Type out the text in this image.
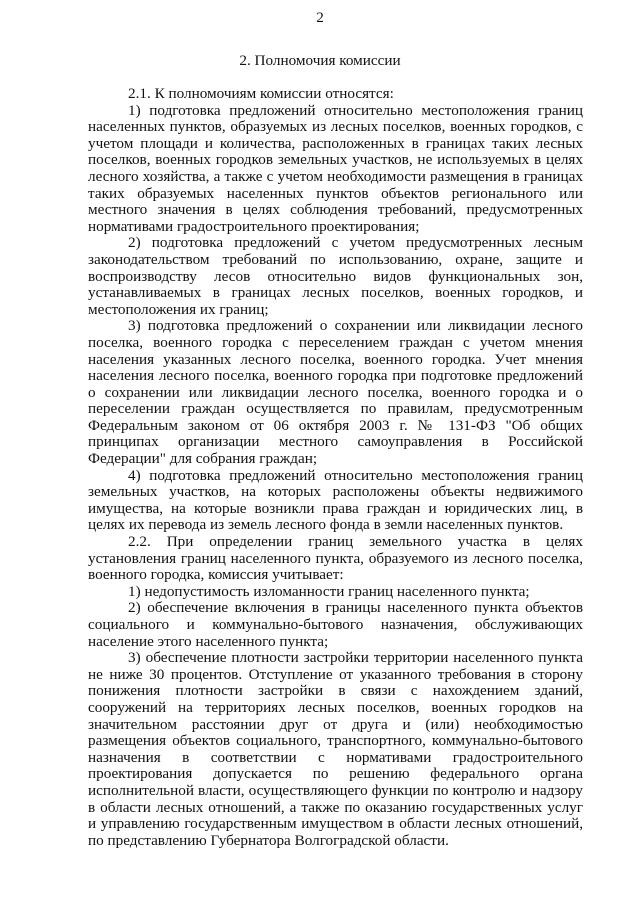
2
2. Полномочия комиссии

2.1. К полномочиям комиссии относятся:

1) подготовка предложений относительно местоположения границ населенных пунктов, образуемых из лесных поселков, военных городков, с учетом площади и количества, расположенных в границах таких лесных поселков, военных городков земельных участков, не используемых в целях лесного хозяйства, а также с учетом необходимости размещения в границах таких образуемых населенных пунктов объектов регионального или местного значения в целях соблюдения требований, предусмотренных нормативами градостроительного проектирования;

2) подготовка предложений с учетом предусмотренных лесным законодательством требований по использованию, охране, защите и воспроизводству лесов относительно видов функциональных зон, устанавливаемых в границах лесных поселков, военных городков, и местоположения их границ;

3) подготовка предложений о сохранении или ликвидации лесного поселка, военного городка с переселением граждан с учетом мнения населения указанных лесного поселка, военного городка. Учет мнения населения лесного поселка, военного городка при подготовке предложений о сохранении или ликвидации лесного поселка, военного городка и о переселении граждан осуществляется по правилам, предусмотренным Федеральным законом от 06 октября 2003 г. № 131-ФЗ "Об общих принципах организации местного самоуправления в Российской Федерации" для собрания граждан;

4) подготовка предложений относительно местоположения границ земельных участков, на которых расположены объекты недвижимого имущества, на которые возникли права граждан и юридических лиц, в целях их перевода из земель лесного фонда в земли населенных пунктов.

2.2. При определении границ земельного участка в целях установления границ населенного пункта, образуемого из лесного поселка, военного городка, комиссия учитывает:

1) недопустимость изломанности границ населенного пункта;

2) обеспечение включения в границы населенного пункта объектов социального и коммунально-бытового назначения, обслуживающих население этого населенного пункта;

3) обеспечение плотности застройки территории населенного пункта не ниже 30 процентов. Отступление от указанного требования в сторону понижения плотности застройки в связи с нахождением зданий, сооружений на территориях лесных поселков, военных городков на значительном расстоянии друг от друга и (или) необходимостью размещения объектов социального, транспортного, коммунально-бытового назначения в соответствии с нормативами градостроительного проектирования допускается по решению федерального органа исполнительной власти, осуществляющего функции по контролю и надзору в области лесных отношений, а также по оказанию государственных услуг и управлению государственным имуществом в области лесных отношений, по представлению Губернатора Волгоградской области.
